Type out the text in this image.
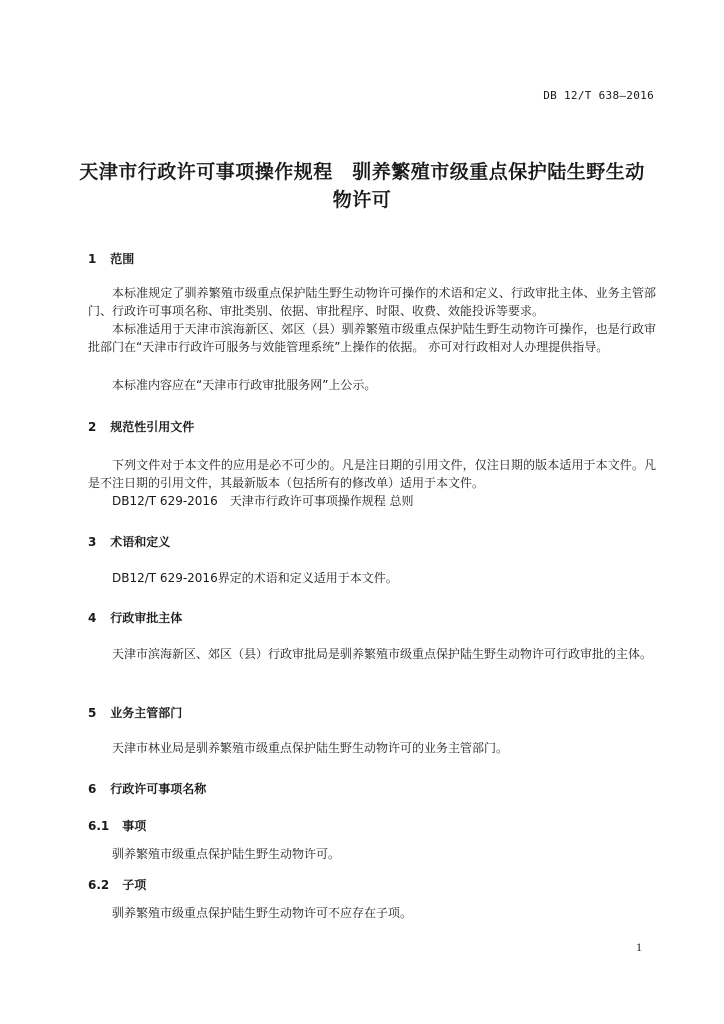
DB 12/T 638—2016
天津市行政许可事项操作规程　驯养繁殖市级重点保护陆生野生动
物许可
1 范围
本标准规定了驯养繁殖市级重点保护陆生野生动物许可操作的术语和定义、行政审批主体、业务主管部门、行政许可事项名称、审批类别、依据、审批程序、时限、收费、效能投诉等要求。
本标准适用于天津市滨海新区、郊区（县）驯养繁殖市级重点保护陆生野生动物许可操作，也是行政审批部门在“天津市行政许可服务与效能管理系统”上操作的依据。 亦可对行政相对人办理提供指导。
本标准内容应在“天津市行政审批服务网”上公示。
2 规范性引用文件
下列文件对于本文件的应用是必不可少的。凡是注日期的引用文件，仅注日期的版本适用于本文件。凡是不注日期的引用文件，其最新版本（包括所有的修改单）适用于本文件。
DB12/T 629-2016　天津市行政许可事项操作规程 总则
3 术语和定义
DB12/T 629-2016界定的术语和定义适用于本文件。
4 行政审批主体
天津市滨海新区、郊区（县）行政审批局是驯养繁殖市级重点保护陆生野生动物许可行政审批的主体。
5 业务主管部门
天津市林业局是驯养繁殖市级重点保护陆生野生动物许可的业务主管部门。
6 行政许可事项名称
6.1 事项
驯养繁殖市级重点保护陆生野生动物许可。
6.2 子项
驯养繁殖市级重点保护陆生野生动物许可不应存在子项。
1
